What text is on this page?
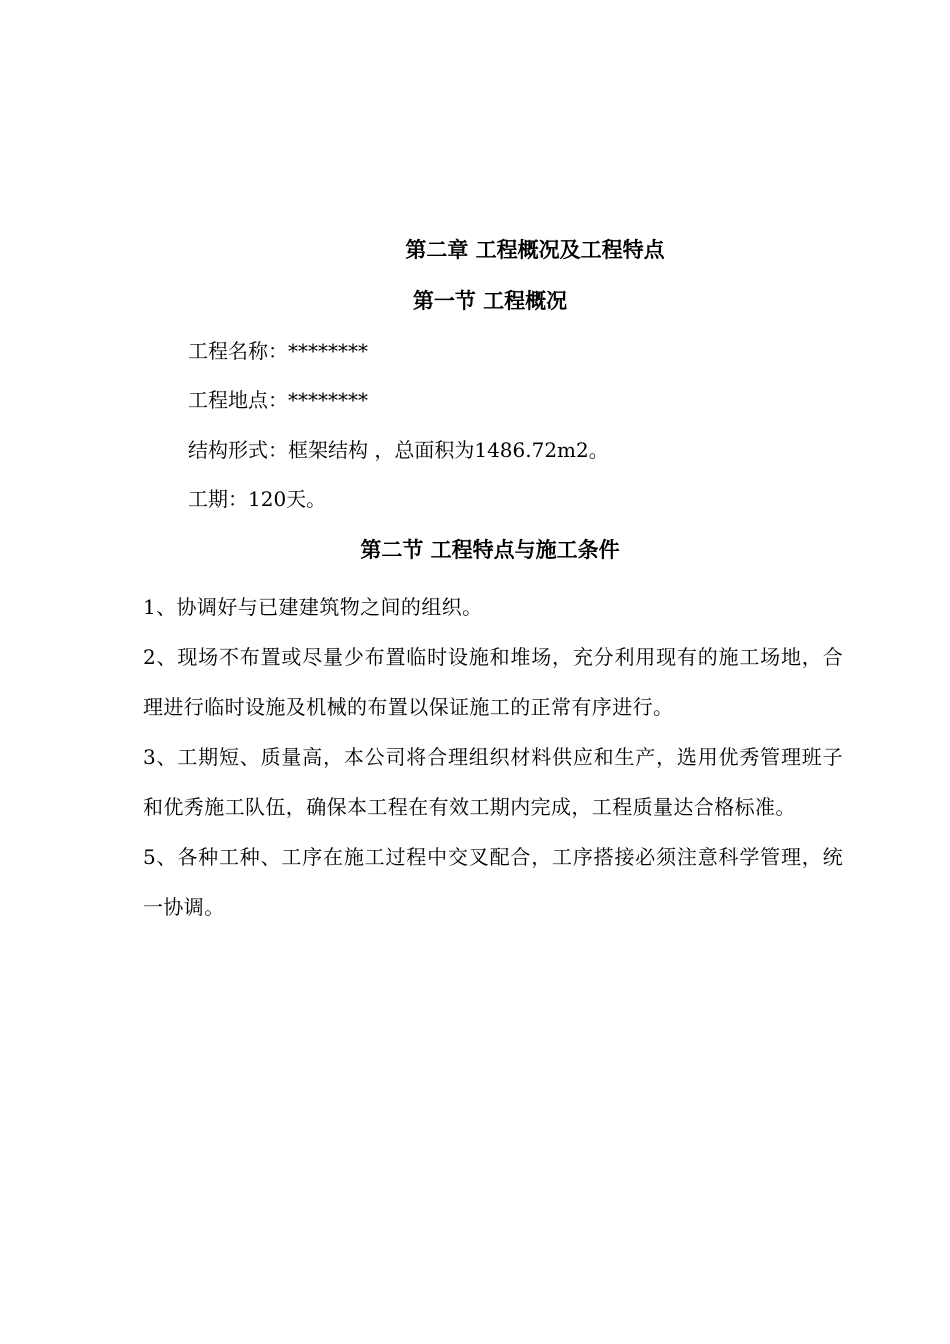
第二章 工程概况及工程特点
第一节 工程概况

工程名称：********

工程地点：********

结构形式：框架结构 ，总面积为1486.72m2。

工期：120天。

第二节 工程特点与施工条件

1、协调好与已建建筑物之间的组织。

2、现场不布置或尽量少布置临时设施和堆场，充分利用现有的施工场地，合理进行临时设施及机械的布置以保证施工的正常有序进行。

3、工期短、质量高，本公司将合理组织材料供应和生产，选用优秀管理班子和优秀施工队伍，确保本工程在有效工期内完成，工程质量达合格标准。

5、各种工种、工序在施工过程中交叉配合，工序搭接必须注意科学管理，统一协调。
